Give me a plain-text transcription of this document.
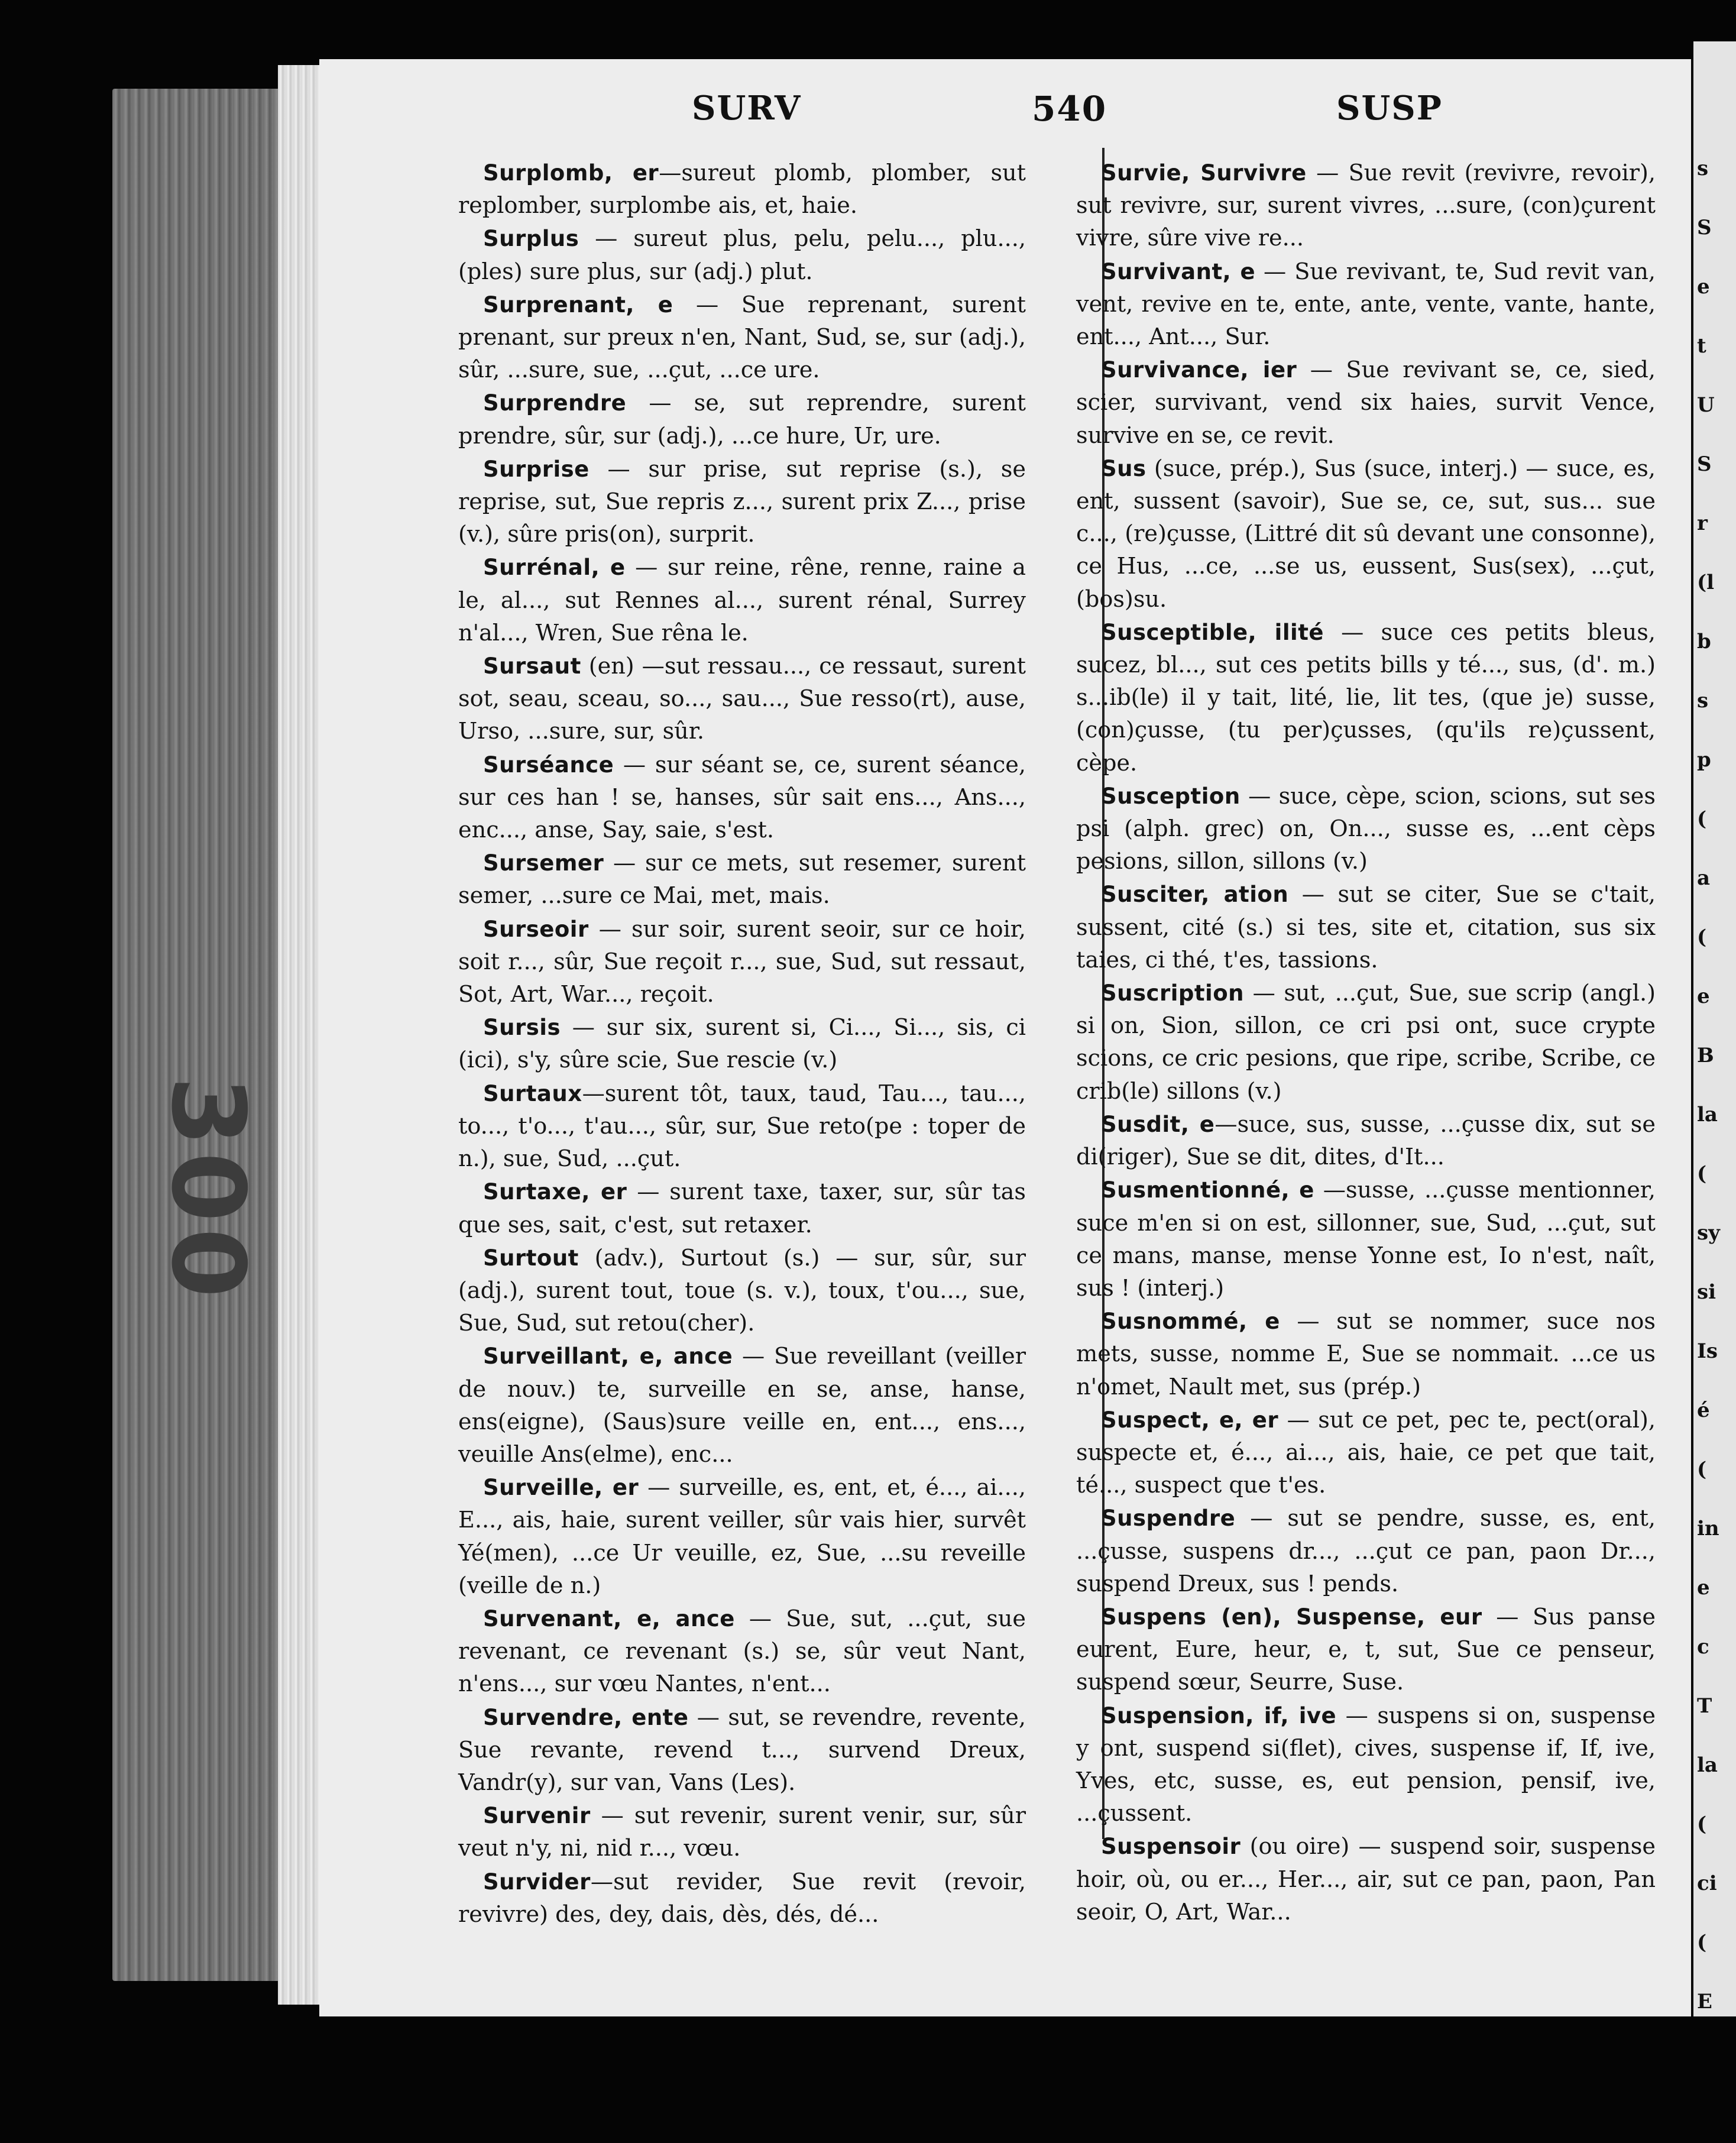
300
SURV	540	SUSP

Surplomb, er—sureut plomb, plomber, sut replomber, surplombe ais, et, haie.

Surplus — sureut plus, pelu, pelu..., plu..., (ples) sure plus, sur (adj.) plut.

Surprenant, e — Sue reprenant, surent prenant, sur preux n'en, Nant, Sud, se, sur (adj.), sûr, ...sure, sue, ...çut, ...ce ure.

Surprendre — se, sut reprendre, surent prendre, sûr, sur (adj.), ...ce hure, Ur, ure.

Surprise — sur prise, sut reprise (s.), se reprise, sut, Sue repris z..., surent prix Z..., prise (v.), sûre pris(on), surprit.

Surrénal, e — sur reine, rêne, renne, raine a le, al..., sut Rennes al..., surent rénal, Surrey n'al..., Wren, Sue rêna le.

Sursaut (en) —sut ressau..., ce ressaut, surent sot, seau, sceau, so..., sau..., Sue resso(rt), ause, Urso, ...sure, sur, sûr.

Surséance — sur séant se, ce, surent séance, sur ces han ! se, hanses, sûr sait ens..., Ans..., enc..., anse, Say, saie, s'est.

Sursemer — sur ce mets, sut resemer, surent semer, ...sure ce Mai, met, mais.

Surseoir — sur soir, surent seoir, sur ce hoir, soit r..., sûr, Sue reçoit r..., sue, Sud, sut ressaut, Sot, Art, War..., reçoit.

Sursis — sur six, surent si, Ci..., Si..., sis, ci (ici), s'y, sûre scie, Sue rescie (v.)

Surtaux—surent tôt, taux, taud, Tau..., tau..., to..., t'o..., t'au..., sûr, sur, Sue reto(pe : toper de n.), sue, Sud, ...çut.

Surtaxe, er — surent taxe, taxer, sur, sûr tas que ses, sait, c'est, sut retaxer.

Surtout (adv.), Surtout (s.) — sur, sûr, sur (adj.), surent tout, toue (s. v.), toux, t'ou..., sue, Sue, Sud, sut retou(cher).

Surveillant, e, ance — Sue reveillant (veiller de nouv.) te, surveille en se, anse, hanse, ens(eigne), (Saus)sure veille en, ent..., ens..., veuille Ans(elme), enc...

Surveille, er — surveille, es, ent, et, é..., ai..., E..., ais, haie, surent veiller, sûr vais hier, survêt Yé(men), ...ce Ur veuille, ez, Sue, ...su reveille (veille de n.)

Survenant, e, ance — Sue, sut, ...çut, sue revenant, ce revenant (s.) se, sûr veut Nant, n'ens..., sur vœu Nantes, n'ent...

Survendre, ente — sut, se revendre, revente, Sue revante, revend t..., survend Dreux, Vandr(y), sur van, Vans (Les).

Survenir — sut revenir, surent venir, sur, sûr veut n'y, ni, nid r..., vœu.

Survider—sut revider, Sue revit (revoir, revivre) des, dey, dais, dès, dés, dé...

Survie, Survivre — Sue revit (revivre, revoir), sut revivre, sur, surent vivres, ...sure, (con)çurent vivre, sûre vive re...

Survivant, e — Sue revivant, te, Sud revit van, vent, revive en te, ente, ante, vente, vante, hante, ent..., Ant..., Sur.

Survivance, ier — Sue revivant se, ce, sied, scier, survivant, vend six haies, survit Vence, survive en se, ce revit.

Sus (suce, prép.), Sus (suce, interj.) — suce, es, ent, sussent (savoir), Sue se, ce, sut, sus... sue c..., (re)çusse, (Littré dit sû devant une consonne), ce Hus, ...ce, ...se us, eussent, Sus(sex), ...çut, (bos)su.

Susceptible, ilité — suce ces petits bleus, sucez, bl..., sut ces petits bills y té..., sus, (d'. m.) s...ib(le) il y tait, lité, lie, lit tes, (que je) susse, (con)çusse, (tu per)çusses, (qu'ils re)çussent, cèpe.

Susception — suce, cèpe, scion, scions, sut ses psi (alph. grec) on, On..., susse es, ...ent cèps pesions, sillon, sillons (v.)

Susciter, ation — sut se citer, Sue se c'tait, sussent, cité (s.) si tes, site et, citation, sus six taies, ci thé, t'es, tassions.

Suscription — sut, ...çut, Sue, sue scrip (angl.) si on, Sion, sillon, ce cri psi ont, suce crypte scions, ce cric pesions, que ripe, scribe, Scribe, ce crib(le) sillons (v.)

Susdit, e—suce, sus, susse, ...çusse dix, sut se di(riger), Sue se dit, dites, d'It...

Susmentionné, e —susse, ...çusse mentionner, suce m'en si on est, sillonner, sue, Sud, ...çut, sut ce mans, manse, mense Yonne est, Io n'est, naît, sus ! (interj.)

Susnommé, e — sut se nommer, suce nos mets, susse, nomme E, Sue se nommait. ...ce us n'omet, Nault met, sus (prép.)

Suspect, e, er — sut ce pet, pec te, pect(oral), suspecte et, é..., ai..., ais, haie, ce pet que tait, té..., suspect que t'es.

Suspendre — sut se pendre, susse, es, ent, ...çusse, suspens dr..., ...çut ce pan, paon Dr..., suspend Dreux, sus ! pends.

Suspens (en), Suspense, eur — Sus panse eurent, Eure, heur, e, t, sut, Sue ce penseur, suspend sœur, Seurre, Suse.

Suspension, if, ive — suspens si on, suspense y ont, suspend si(flet), cives, suspense if, If, ive, Yves, etc, susse, es, eut pension, pensif, ive, ...çussent.

Suspensoir (ou oire) — suspend soir, suspense hoir, où, ou er..., Her..., air, sut ce pan, paon, Pan seoir, O, Art, War...

s
S
e
t
U
S
r
(l
b
s
p
(
a
(
e
B
la
(
sy
si
Is
é
(
in
e
c
T
la
(
ci
(
E
